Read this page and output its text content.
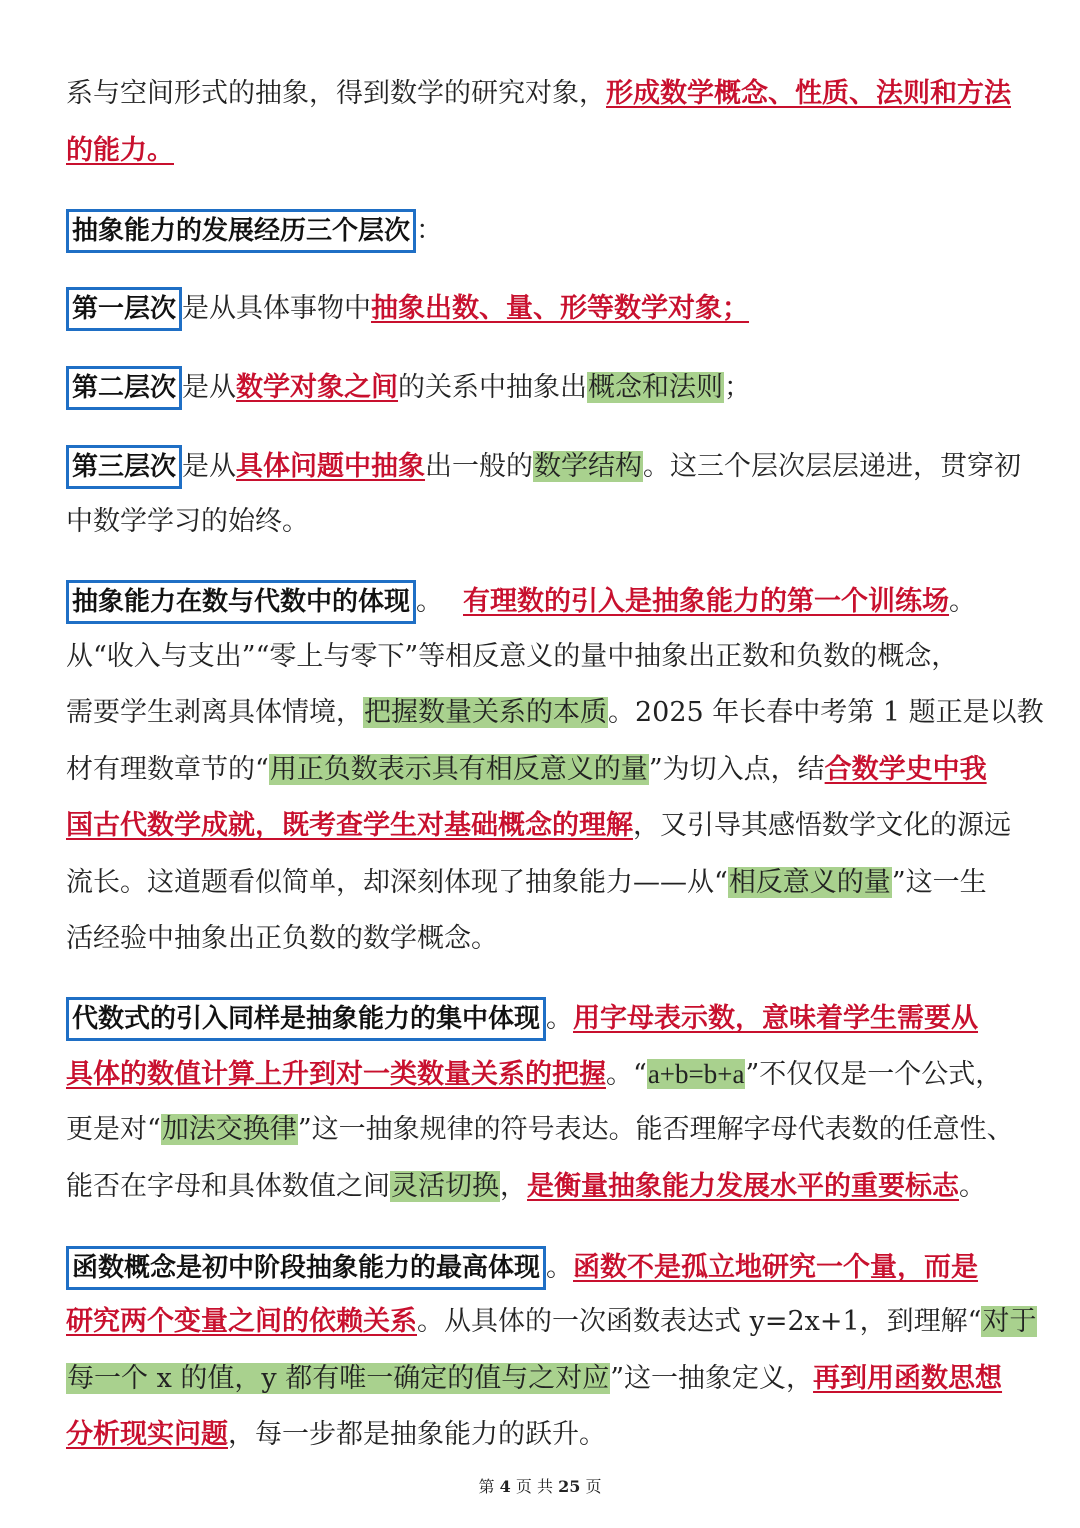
系与空间形式的抽象，得到数学的研究对象，形成数学概念、性质、法则和方法
的能力。
抽象能力的发展经历三个层次 ：
第一层次 是从具体事物中抽象出数、量、形等数学对象；
第二层次 是从数学对象之间的关系中抽象出概念和法则；
第三层次 是从具体问题中抽象出一般的数学结构。这三个层次层层递进，贯穿初
中数学学习的始终。
抽象能力在数与代数中的体现 。 有理数的引入是抽象能力的第一个训练场。
从“收入与支出”“零上与零下”等相反意义的量中抽象出正数和负数的概念，
需要学生剥离具体情境，把握数量关系的本质。2025 年长春中考第 1 题正是以教
材有理数章节的“用正负数表示具有相反意义的量”为切入点，结合数学史中我
国古代数学成就，既考查学生对基础概念的理解，又引导其感悟数学文化的源远
流长。这道题看似简单，却深刻体现了抽象能力——从“相反意义的量”这一生
活经验中抽象出正负数的数学概念。
代数式的引入同样是抽象能力的集中体现 。用字母表示数，意味着学生需要从
具体的数值计算上升到对一类数量关系的把握。“a+b=b+a”不仅仅是一个公式，
更是对“加法交换律”这一抽象规律的符号表达。能否理解字母代表数的任意性、
能否在字母和具体数值之间灵活切换，是衡量抽象能力发展水平的重要标志。
函数概念是初中阶段抽象能力的最高体现 。函数不是孤立地研究一个量，而是
研究两个变量之间的依赖关系。从具体的一次函数表达式 y=2x+1，到理解“对于
每一个 x 的值，y 都有唯一确定的值与之对应”这一抽象定义，再到用函数思想
分析现实问题，每一步都是抽象能力的跃升。
第 4 页 共 25 页
